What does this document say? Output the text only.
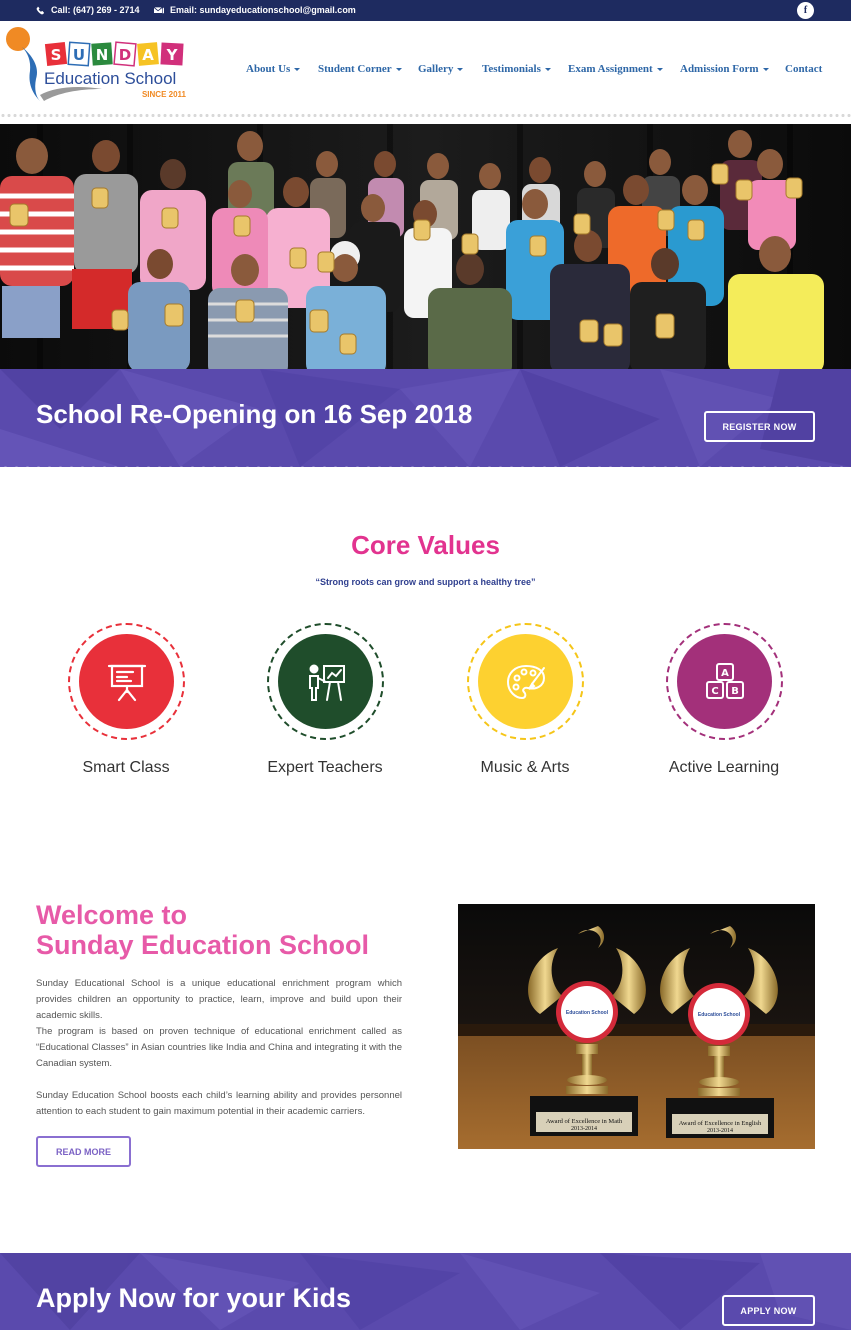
Call: (647) 269 - 2714	Email: sundayeducationschool@gmail.com	f
S U N D A Y
Education School
SINCE 2011
About Us	Student Corner	Gallery	Testimonials	Exam Assignment	Admission Form	Contact
School Re-Opening on 16 Sep 2018	REGISTER NOW
Core Values
“Strong roots can grow and support a healthy tree”
Smart Class	Expert Teachers	Music & Arts
A
C B
Active Learning
Welcome to
Sunday Education School

Sunday Educational School is a unique educational enrichment program which provides children an opportunity to practice, learn, improve and build upon their academic skills.

The program is based on proven technique of educational enrichment called as “Educational Classes” in Asian countries like India and China and integrating it with the Canadian system.

Sunday Education School boosts each child’s learning ability and provides personnel attention to each student to gain maximum potential in their academic carriers.

READ MORE
Education School
Award of Excellence in Math
2013-2014
Education School
Award of Excellence in English
2013-2014
Apply Now for your Kids	APPLY NOW
